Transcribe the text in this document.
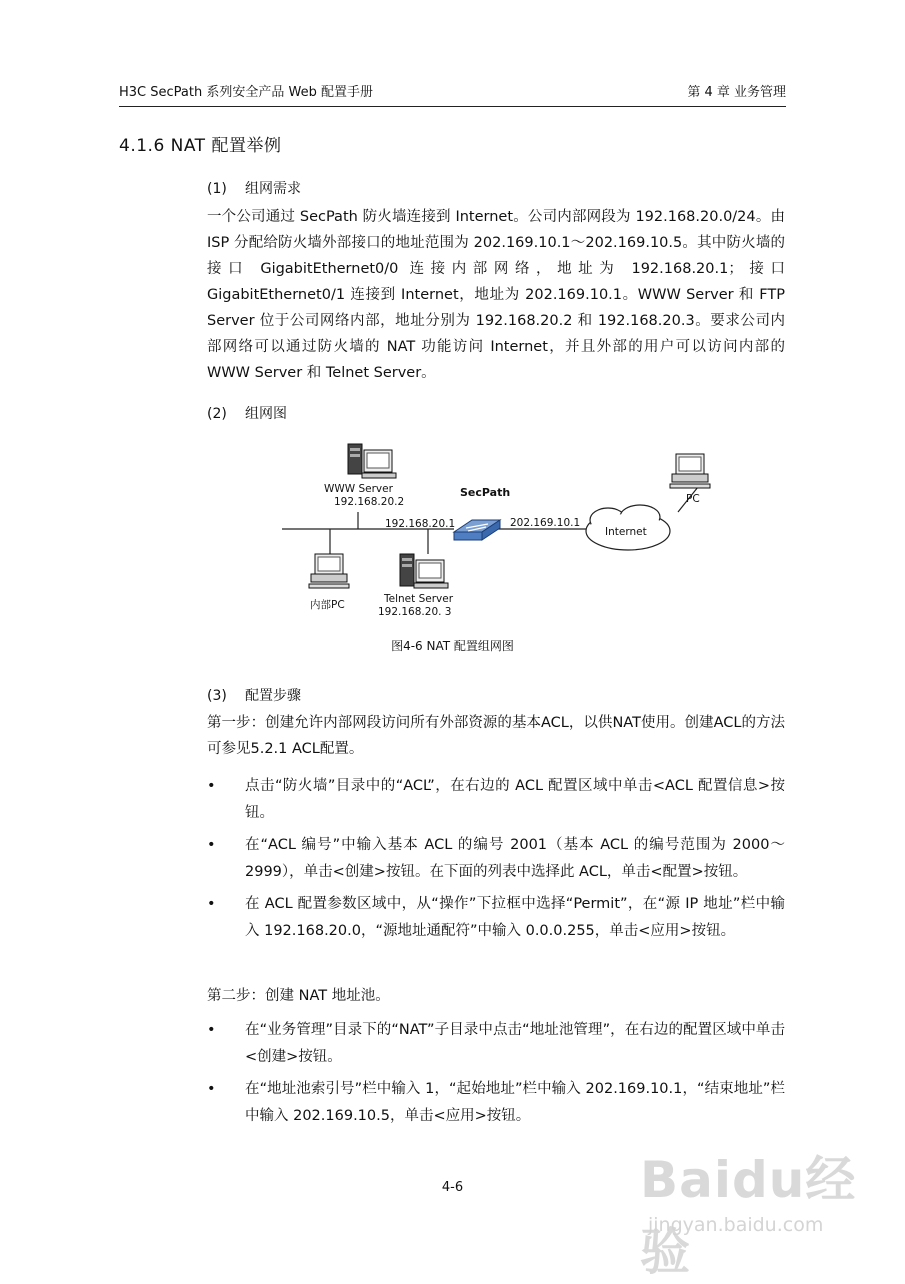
H3C SecPath 系列安全产品 Web 配置手册	第 4 章 业务管理
4.1.6 NAT 配置举例
(1) 组网需求
一个公司通过 SecPath 防火墙连接到 Internet。公司内部网段为 192.168.20.0/24。由 ISP 分配给防火墙外部接口的地址范围为 202.169.10.1～202.169.10.5。其中防火墙的接口 GigabitEthernet0/0 连接内部网络，地址为 192.168.20.1；接口 GigabitEthernet0/1 连接到 Internet，地址为 202.169.10.1。WWW Server 和 FTP Server 位于公司网络内部，地址分别为 192.168.20.2 和 192.168.20.3。要求公司内部网络可以通过防火墙的 NAT 功能访问 Internet，并且外部的用户可以访问内部的 WWW Server 和 Telnet Server。
(2) 组网图
WWW Server
192.168.20.2
SecPath
192.168.20.1	202.169.10.1
Internet
PC
内部PC	Telnet Server
192.168.20. 3
图4-6 NAT 配置组网图
(3) 配置步骤
第一步：创建允许内部网段访问所有外部资源的基本ACL，以供NAT使用。创建ACL的方法可参见5.2.1 ACL配置。
• 点击“防火墙”目录中的“ACL”，在右边的 ACL 配置区域中单击<ACL 配置信息>按钮。
• 在“ACL 编号”中输入基本 ACL 的编号 2001（基本 ACL 的编号范围为 2000～2999），单击<创建>按钮。在下面的列表中选择此 ACL，单击<配置>按钮。
• 在 ACL 配置参数区域中，从“操作”下拉框中选择“Permit”，在“源 IP 地址”栏中输入 192.168.20.0，“源地址通配符”中输入 0.0.0.255，单击<应用>按钮。
第二步：创建 NAT 地址池。
• 在“业务管理”目录下的“NAT”子目录中点击“地址池管理”，在右边的配置区域中单击<创建>按钮。
• 在“地址池索引号”栏中输入 1，“起始地址”栏中输入 202.169.10.1，“结束地址”栏中输入 202.169.10.5，单击<应用>按钮。
4-6	Baidu经验
jingyan.baidu.com
